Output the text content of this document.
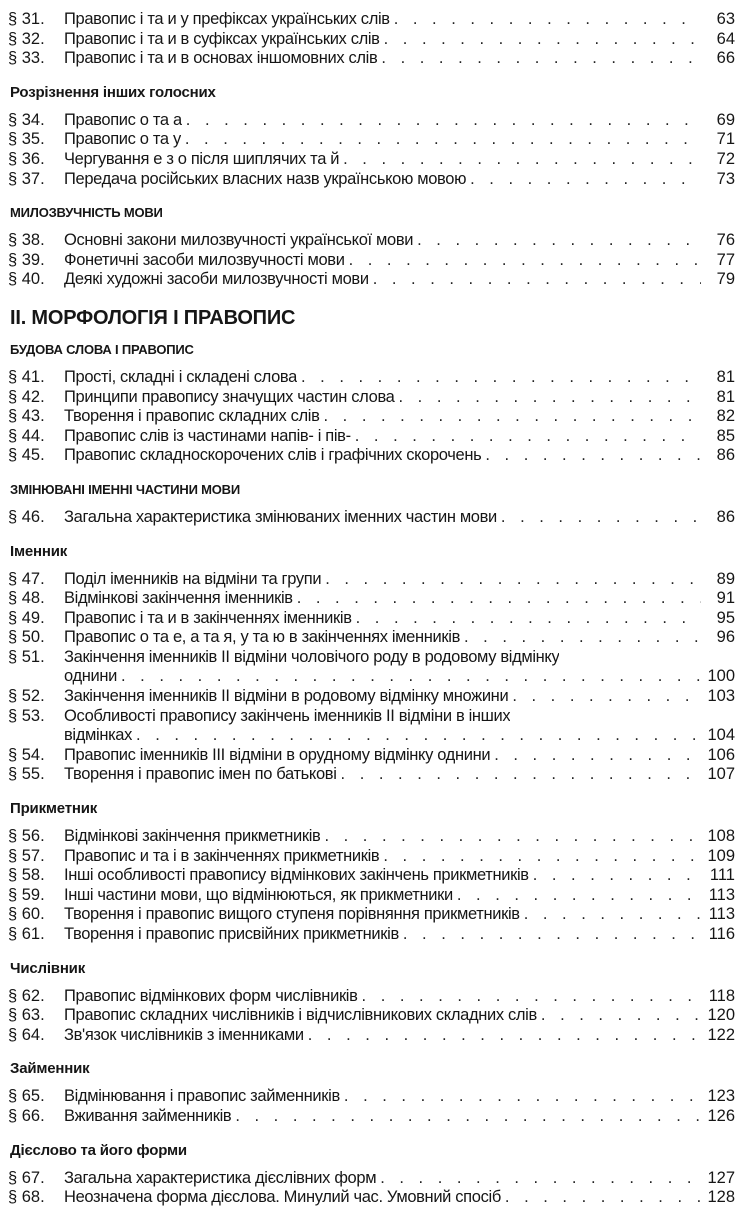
§ 31.	Правопис і та и у префіксах українських слів . . .	63
§ 32.	Правопис і та и в суфіксах українських слів . . .	64
§ 33.	Правопис і та и в основах іншомовних слів . . .	66
Розрізнення інших голосних
§ 34.	Правопис о та а . . .	69
§ 35.	Правопис о та у . . .	71
§ 36.	Чергування е з о після шиплячих та й . . .	72
§ 37.	Передача російських власних назв українською мовою . . .	73
МИЛОЗВУЧНІСТЬ МОВИ
§ 38.	Основні закони милозвучності української мови . . .	76
§ 39.	Фонетичні засоби милозвучності мови . . .	77
§ 40.	Деякі художні засоби милозвучності мови . . .	79
II. МОРФОЛОГІЯ І ПРАВОПИС
БУДОВА СЛОВА І ПРАВОПИС
§ 41.	Прості, складні і складені слова . . .	81
§ 42.	Принципи правопису значущих частин слова . . .	81
§ 43.	Творення і правопис складних слів . . .	82
§ 44.	Правопис слів із частинами напів- і пів- . . .	85
§ 45.	Правопис складноскорочених слів і графічних скорочень . . .	86
ЗМІНЮВАНІ ІМЕННІ ЧАСТИНИ МОВИ
§ 46.	Загальна характеристика змінюваних іменних частин мови . . .	86
Іменник
§ 47.	Поділ іменників на відміни та групи . . .	89
§ 48.	Відмінкові закінчення іменників . . .	91
§ 49.	Правопис і та и в закінченнях іменників . . .	95
§ 50.	Правопис о та е, а та я, у та ю в закінченнях іменників . . .	96
§ 51.	Закінчення іменників II відміни чоловічого роду в родовому відмінку
однини . . .	100
§ 52.	Закінчення іменників II відміни в родовому відмінку множини . . .	103
§ 53.	Особливості правопису закінчень іменників II відміни в інших
відмінках . . .	104
§ 54.	Правопис іменників III відміни в орудному відмінку однини . . .	106
§ 55.	Творення і правопис імен по батькові . . .	107
Прикметник
§ 56.	Відмінкові закінчення прикметників . . .	108
§ 57.	Правопис и та і в закінченнях прикметників . . .	109
§ 58.	Інші особливості правопису відмінкових закінчень прикметників . . .	111
§ 59.	Інші частини мови, що відмінюються, як прикметники . . .	113
§ 60.	Творення і правопис вищого ступеня порівняння прикметників . . .	113
§ 61.	Творення і правопис присвійних прикметників . . .	116
Числівник
§ 62.	Правопис відмінкових форм числівників . . .	118
§ 63.	Правопис складних числівників і відчислівникових складних слів . . .	120
§ 64.	Зв'язок числівників з іменниками . . .	122
Займенник
§ 65.	Відмінювання і правопис займенників . . .	123
§ 66.	Вживання займенників . . .	126
Дієслово та його форми
§ 67.	Загальна характеристика дієслівних форм . . .	127
§ 68.	Неозначена форма дієслова. Минулий час. Умовний спосіб . . .	128
